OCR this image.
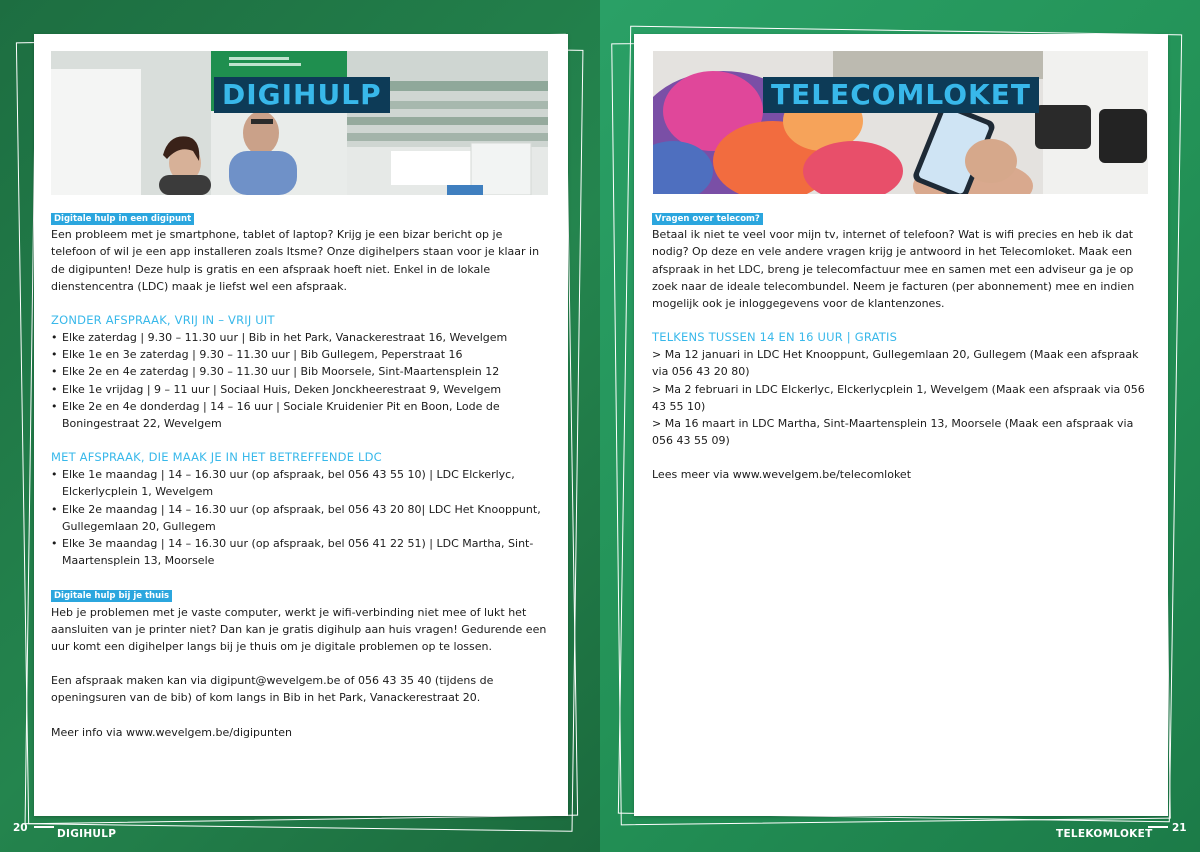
DIGIHULP
Digitale hulp in een digipunt

Een probleem met je smartphone, tablet of laptop? Krijg je een bizar bericht op je telefoon of wil je een app installeren zoals Itsme? Onze digihelpers staan voor je klaar in de digipunten! Deze hulp is gratis en een afspraak hoeft niet. Enkel in de lokale dienstencentra (LDC) maak je liefst wel een afspraak.

ZONDER AFSPRAAK, VRIJ IN – VRIJ UIT

• Elke zaterdag | 9.30 – 11.30 uur | Bib in het Park, Vanackerestraat 16, Wevelgem
• Elke 1e en 3e zaterdag | 9.30 – 11.30 uur | Bib Gullegem, Peperstraat 16
• Elke 2e en 4e zaterdag | 9.30 – 11.30 uur | Bib Moorsele, Sint-Maartensplein 12
• Elke 1e vrijdag | 9 – 11 uur | Sociaal Huis, Deken Jonckheerestraat 9, Wevelgem
• Elke 2e en 4e donderdag | 14 – 16 uur | Sociale Kruidenier Pit en Boon, Lode de Boningestraat 22, Wevelgem

MET AFSPRAAK, DIE MAAK JE IN HET BETREFFENDE LDC

• Elke 1e maandag | 14 – 16.30 uur (op afspraak, bel 056 43 55 10) | LDC Elckerlyc, Elckerlycplein 1, Wevelgem
• Elke 2e maandag | 14 – 16.30 uur (op afspraak, bel 056 43 20 80| LDC Het Knooppunt, Gullegemlaan 20, Gullegem
• Elke 3e maandag | 14 – 16.30 uur (op afspraak, bel 056 41 22 51) | LDC Martha, Sint-Maartensplein 13, Moorsele
Digitale hulp bij je thuis

Heb je problemen met je vaste computer, werkt je wifi-verbinding niet mee of lukt het aansluiten van je printer niet? Dan kan je gratis digihulp aan huis vragen! Gedurende een uur komt een digihelper langs bij je thuis om je digitale problemen op te lossen.

Een afspraak maken kan via digipunt@wevelgem.be of 056 43 35 40 (tijdens de openingsuren van de bib) of kom langs in Bib in het Park, Vanackerestraat 20.

Meer info via www.wevelgem.be/digipunten

20	DIGIHULP
TELECOMLOKET
Vragen over telecom?

Betaal ik niet te veel voor mijn tv, internet of telefoon? Wat is wifi precies en heb ik dat nodig? Op deze en vele andere vragen krijg je antwoord in het Telecomloket. Maak een afspraak in het LDC, breng je telecomfactuur mee en samen met een adviseur ga je op zoek naar de ideale telecombundel. Neem je facturen (per abonnement) mee en indien mogelijk ook je inloggegevens voor de klantenzones.

TELKENS TUSSEN 14 EN 16 UUR | GRATIS

> Ma 12 januari in LDC Het Knooppunt, Gullegemlaan 20, Gullegem (Maak een afspraak via 056 43 20 80)

> Ma 2 februari in LDC Elckerlyc, Elckerlycplein 1, Wevelgem (Maak een afspraak via 056 43 55 10)

> Ma 16 maart in LDC Martha, Sint-Maartensplein 13, Moorsele (Maak een afspraak via 056 43 55 09)

Lees meer via www.wevelgem.be/telecomloket

TELEKOMLOKET 21
